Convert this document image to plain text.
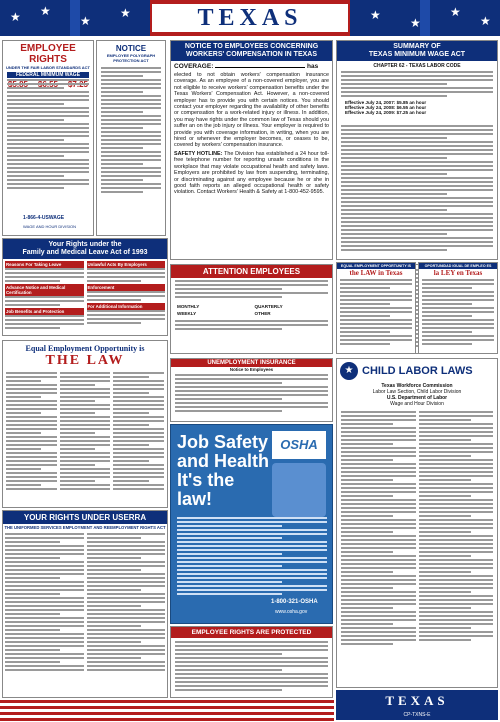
★ ★
★
★	★
★
★
★
TEXAS
EMPLOYEE RIGHTS
UNDER THE FAIR LABOR STANDARDS ACT
FEDERAL MINIMUM WAGE
1-866-4-USWAGE
WAGE AND HOUR DIVISION
NOTICE
EMPLOYEE POLYGRAPH PROTECTION ACT
NOTICE TO EMPLOYEES CONCERNING
WORKERS' COMPENSATION IN TEXAS
COVERAGE:	has
elected to not obtain workers' compensation insurance coverage. As an employee of a non-covered employer, you are not eligible to receive workers' compensation benefits under the Texas Workers' Compensation Act. However, a non-covered employer has to provide you with certain notices. You should contact your employer regarding the availability of other benefits or compensation for a work-related injury or illness. In addition, you may have rights under the common law of Texas should you suffer an on the job injury or illness. Your employer is required to provide you with coverage information, in writing, when you are hired or whenever the employer becomes, or ceases to be, covered by workers' compensation insurance.
SAFETY HOTLINE: The Division has established a 24 hour toll-free telephone number for reporting unsafe conditions in the workplace that may violate occupational health and safety laws. Employers are prohibited by law from suspending, terminating, or discriminating against any employee because he or she in good faith reports an alleged occupational health or safety violation. Contact Workers' Health & Safety at 1-800-452-9595.
SUMMARY OF
TEXAS MINIMUM WAGE ACT
CHAPTER 62 - TEXAS LABOR CODE
Effective July 24, 2007: $5.85 an hour
Effective July 24, 2008: $6.55 an hour
Effective July 24, 2009: $7.25 an hour
Your Rights under the
Family and Medical Leave Act of 1993
Reasons For Taking Leave
Advance Notice and Medical Certification
Job Benefits and Protection
Unlawful Acts By Employers
Enforcement
For Additional Information
ATTENTION EMPLOYEES
MONTHLY	QUARTERLY
WEEKLY	OTHER
Equal Employment Opportunity is
THE LAW	UNEMPLOYMENT INSURANCE
Notice to Employees	★ CHILD LABOR LAWS
Texas Workforce Commission
Labor Law Section, Child Labor Division
U.S. Department of Labor
Wage and Hour Division
Job Safety and Health It's the law!
OSHA
1-800-321-OSHA
www.osha.gov
YOUR RIGHTS UNDER USERRA
THE UNIFORMED SERVICES EMPLOYMENT AND REEMPLOYMENT RIGHTS ACT
EMPLOYEE RIGHTS ARE PROTECTED
EQUAL EMPLOYMENT OPPORTUNITY IS
the LAW in Texas
OPORTUNIDAD IGUAL DE EMPLEO ES
la LEY en Texas
TEXAS
CP-TXNS-E
